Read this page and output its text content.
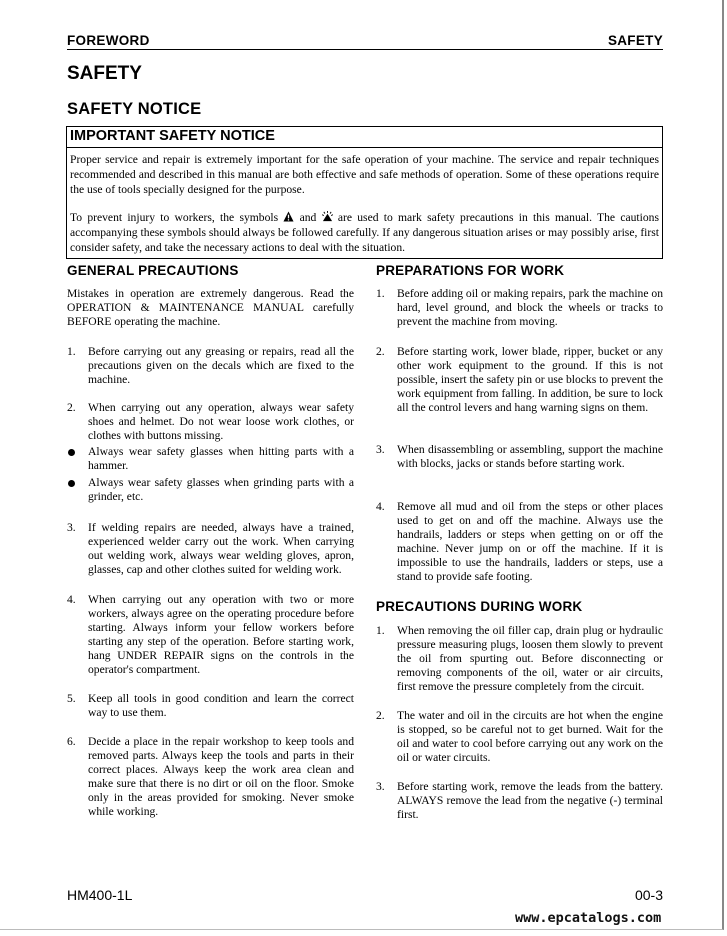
FOREWORD	SAFETY
SAFETY
SAFETY NOTICE
IMPORTANT SAFETY NOTICE
Proper service and repair is extremely important for the safe operation of your machine. The service and repair techniques recommended and described in this manual are both effective and safe methods of operation. Some of these operations require the use of tools specially designed for the purpose.
To prevent injury to workers, the symbols and are used to mark safety precautions in this manual. The cautions accompanying these symbols should always be followed carefully. If any dangerous situation arises or may possibly arise, first consider safety, and take the necessary actions to deal with the situation.
GENERAL PRECAUTIONS
Mistakes in operation are extremely dangerous. Read the OPERATION & MAINTENANCE MANUAL carefully BEFORE operating the machine.
1. Before carrying out any greasing or repairs, read all the precautions given on the decals which are fixed to the machine.
2. When carrying out any operation, always wear safety shoes and helmet. Do not wear loose work clothes, or clothes with buttons missing.
Always wear safety glasses when hitting parts with a hammer.
Always wear safety glasses when grinding parts with a grinder, etc.
3. If welding repairs are needed, always have a trained, experienced welder carry out the work. When carrying out welding work, always wear welding gloves, apron, glasses, cap and other clothes suited for welding work.
4. When carrying out any operation with two or more workers, always agree on the operating procedure before starting. Always inform your fellow workers before starting any step of the operation. Before starting work, hang UNDER REPAIR signs on the controls in the operator's compartment.
5. Keep all tools in good condition and learn the correct way to use them.
6. Decide a place in the repair workshop to keep tools and removed parts. Always keep the tools and parts in their correct places. Always keep the work area clean and make sure that there is no dirt or oil on the floor. Smoke only in the areas provided for smoking. Never smoke while working.
PREPARATIONS FOR WORK
1. Before adding oil or making repairs, park the machine on hard, level ground, and block the wheels or tracks to prevent the machine from moving.
2. Before starting work, lower blade, ripper, bucket or any other work equipment to the ground. If this is not possible, insert the safety pin or use blocks to prevent the work equipment from falling. In addition, be sure to lock all the control levers and hang warning signs on them.
3. When disassembling or assembling, support the machine with blocks, jacks or stands before starting work.
4. Remove all mud and oil from the steps or other places used to get on and off the machine. Always use the handrails, ladders or steps when getting on or off the machine. Never jump on or off the machine. If it is impossible to use the handrails, ladders or steps, use a stand to provide safe footing.
PRECAUTIONS DURING WORK
1. When removing the oil filler cap, drain plug or hydraulic pressure measuring plugs, loosen them slowly to prevent the oil from spurting out. Before disconnecting or removing components of the oil, water or air circuits, first remove the pressure completely from the circuit.
2. The water and oil in the circuits are hot when the engine is stopped, so be careful not to get burned. Wait for the oil and water to cool before carrying out any work on the oil or water circuits.
3. Before starting work, remove the leads from the battery. ALWAYS remove the lead from the negative (-) terminal first.
HM400-1L	00-3
www.epcatalogs.com
